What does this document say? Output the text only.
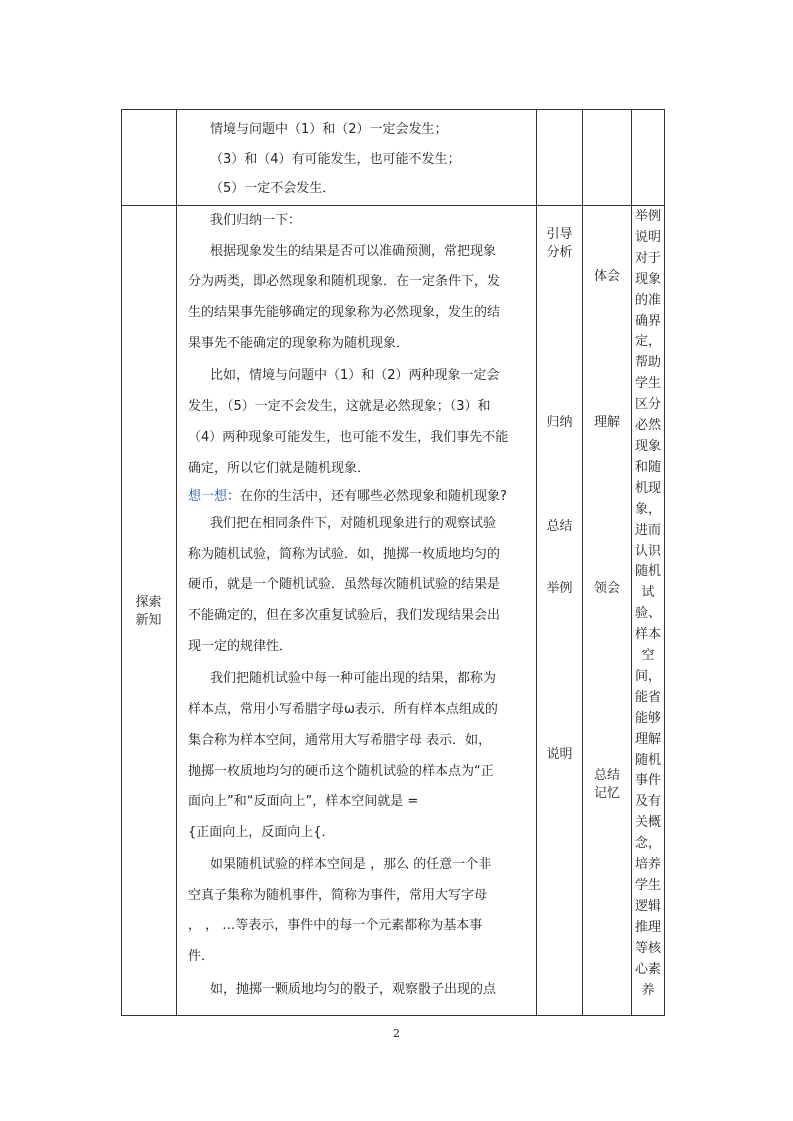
情境与问题中（1）和（2）一定会发生；
（3）和（4）有可能发生，也可能不发生；
（5）一定不会发生．
探索
新知
我们归纳一下：
根据现象发生的结果是否可以准确预测，常把现象
分为两类，即必然现象和随机现象．在一定条件下，发
生的结果事先能够确定的现象称为必然现象，发生的结
果事先不能确定的现象称为随机现象．
比如，情境与问题中（1）和（2）两种现象一定会
发生，（5）一定不会发生，这就是必然现象；（3）和
（4）两种现象可能发生，也可能不发生，我们事先不能
确定，所以它们就是随机现象．
想一想：在你的生活中，还有哪些必然现象和随机现象?
我们把在相同条件下，对随机现象进行的观察试验
称为随机试验，简称为试验．如，抛掷一枚质地均匀的
硬币，就是一个随机试验．虽然每次随机试验的结果是
不能确定的，但在多次重复试验后，我们发现结果会出
现一定的规律性．
我们把随机试验中每一种可能出现的结果，都称为
样本点，常用小写希腊字母ω表示．所有样本点组成的
集合称为样本空间，通常用大写希腊字母 表示．如，
抛掷一枚质地均匀的硬币这个随机试验的样本点为“正
面向上”和“反面向上”，样本空间就是 =
{正面向上，反面向上{．
如果随机试验的样本空间是 ，那么 的任意一个非
空真子集称为随机事件，简称为事件，常用大写字母
， ， …等表示，事件中的每一个元素都称为基本事
件．
如，抛掷一颗质地均匀的骰子，观察骰子出现的点
引导
分析
归纳
总结
举例
说明
体会
理解
领会
总结
记忆
举例
说明
对于
现象
的准
确界
定，
帮助
学生
区分
必然
现象
和随
机现
象，
进而
认识
随机
试
验、
样本
空
间，
能省
能够
理解
随机
事件
及有
关概
念，
培养
学生
逻辑
推理
等核
心素
养
2
